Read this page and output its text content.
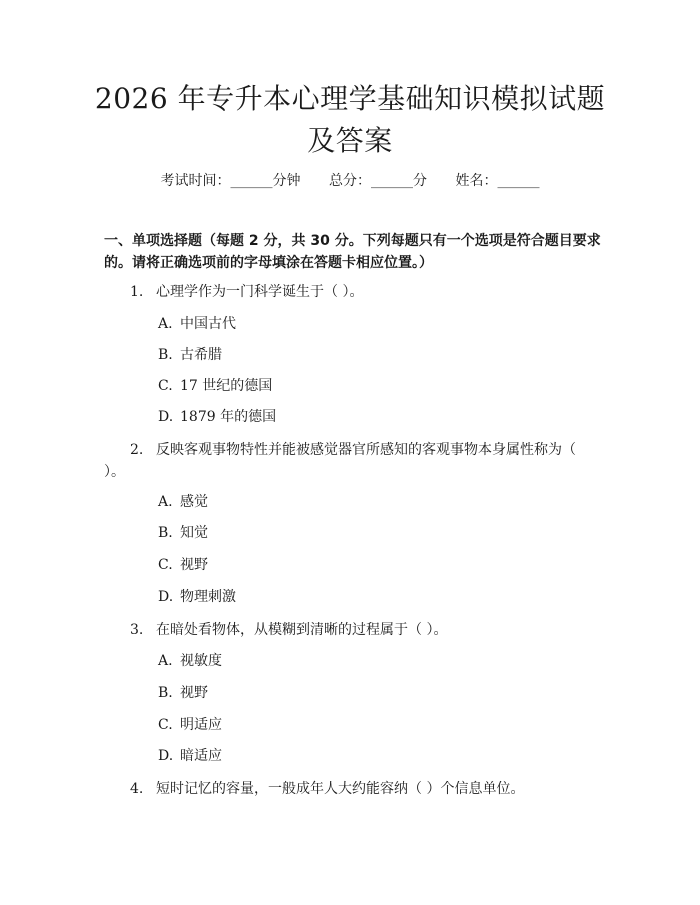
2026 年专升本心理学基础知识模拟试题及答案
考试时间：______分钟 总分：______分 姓名：______
一、单项选择题（每题 2 分，共 30 分。下列每题只有一个选项是符合题目要求的。请将正确选项前的字母填涂在答题卡相应位置。）
1. 心理学作为一门科学诞生于（ ）。
A. 中国古代
B. 古希腊
C. 17 世纪的德国
D. 1879 年的德国
2. 反映客观事物特性并能被感觉器官所感知的客观事物本身属性称为（ ）。
A. 感觉
B. 知觉
C. 视野
D. 物理刺激
3. 在暗处看物体，从模糊到清晰的过程属于（ ）。
A. 视敏度
B. 视野
C. 明适应
D. 暗适应
4. 短时记忆的容量，一般成年人大约能容纳（ ）个信息单位。
